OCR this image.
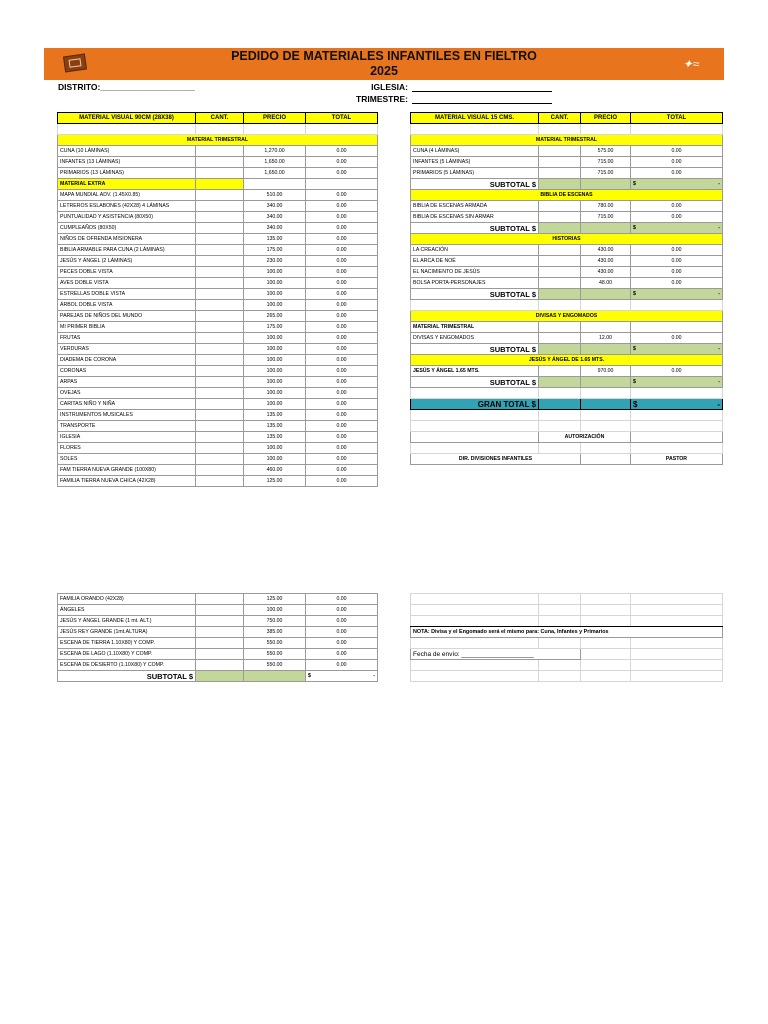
PEDIDO DE MATERIALES INFANTILES EN FIELTRO
2025	✦≈
DISTRITO:____________________	IGLESIA:
TRIMESTRE:
MATERIAL VISUAL 90CM (28X38)	CANT.	PRECIO	TOTAL

MATERIAL TRIMESTRAL			
CUNA (10 LÁMINAS)		1,270.00	0.00
INFANTES (13 LÁMINAS)		1,650.00	0.00
PRIMARIOS (13 LÁMINAS)		1,650.00	0.00
MATERIAL EXTRA			
MAPA MUNDIAL ADV. (1.45X0.85)		510.00	0.00
LETREROS ESLABONES (42X28) 4 LÁMINAS		340.00	0.00
PUNTUALIDAD Y ASISTENCIA (80X50)		340.00	0.00
CUMPLEAÑOS (80X50)		340.00	0.00
NIÑOS DE OFRENDA MISIONERA		135.00	0.00
BIBLIA ARMABLE PARA CUNA (2 LÁMINAS)		175.00	0.00
JESÚS Y ÁNGEL (2 LÁMINAS)		230.00	0.00
PECES DOBLE VISTA		100.00	0.00
AVES DOBLE VISTA		100.00	0.00
ESTRELLAS DOBLE VISTA		100.00	0.00
ÁRBOL DOBLE VISTA		100.00	0.00
PAREJAS DE NIÑOS DEL MUNDO		265.00	0.00
MI PRIMER BIBLIA		175.00	0.00
FRUTAS		100.00	0.00
VERDURAS		100.00	0.00
DIADEMA DE CORONA		100.00	0.00
CORONAS		100.00	0.00
ARPAS		100.00	0.00
OVEJAS		100.00	0.00
CARITAS NIÑO Y NIÑA		100.00	0.00
INSTRUMENTOS MUSICALES		135.00	0.00
TRANSPORTE		135.00	0.00
IGLESIA		135.00	0.00
FLORES		100.00	0.00
SOLES		100.00	0.00
FAM TIERRA NUEVA GRANDE (100X80)		460.00	0.00
FAMILIA TIERRA NUEVA CHICA (42X28)		125.00	0.00
MATERIAL VISUAL 15 CMS.	CANT.	PRECIO	TOTAL

MATERIAL TRIMESTRAL			
CUNA (4 LÁMINAS)		575.00	0.00
INFANTES (5 LÁMINAS)		715.00	0.00
PRIMARIOS (5 LÁMINAS)		715.00	0.00
SUBTOTAL $			$ -

BIBLIA DE ESCENAS			
BIBLIA DE ESCENAS ARMADA		780.00	0.00
BIBLIA DE ESCENAS SIN ARMAR		715.00	0.00
SUBTOTAL $			$ -

HISTORIAS			
LA CREACIÓN		430.00	0.00
EL ARCA DE NOÉ		430.00	0.00
EL NACIMIENTO DE JESÚS		430.00	0.00
BOLSA PORTA-PERSONAJES		48.00	0.00
SUBTOTAL $			$ -

DIVISAS Y ENGOMADOS			
MATERIAL TRIMESTRAL			
DIVISAS Y ENGOMADOS		12.00	0.00
SUBTOTAL $			$ -

JESÚS Y ÁNGEL DE 1.65 MTS.			
JESÚS Y ÁNGEL 1.65 MTS.		970.00	0.00
SUBTOTAL $			$ -

GRAN TOTAL $			$ -

	AUTORIZACIÓN		

DIR. DIVISIONES INFANTILES			PASTOR
FAMILIA ORANDO (42X28)		125.00	0.00
ÁNGELES		100.00	0.00
JESÚS Y ÁNGEL GRANDE (1 mt. ALT.)		750.00	0.00
JESÚS REY GRANDE (1mt.ALTURA)		385.00	0.00
ESCENA DE TIERRA 1.10X80) Y COMP.		550.00	0.00
ESCENA DE LAGO (1.10X80) Y COMP.		550.00	0.00
ESCENA DE DESIERTO (1.10X80) Y COMP.		550.00	0.00
SUBTOTAL $			$ -

NOTA: Divisa y el Engomado será el mismo para: Cuna, Infantes y Primarios			

Fecha de envío: ____________________			
